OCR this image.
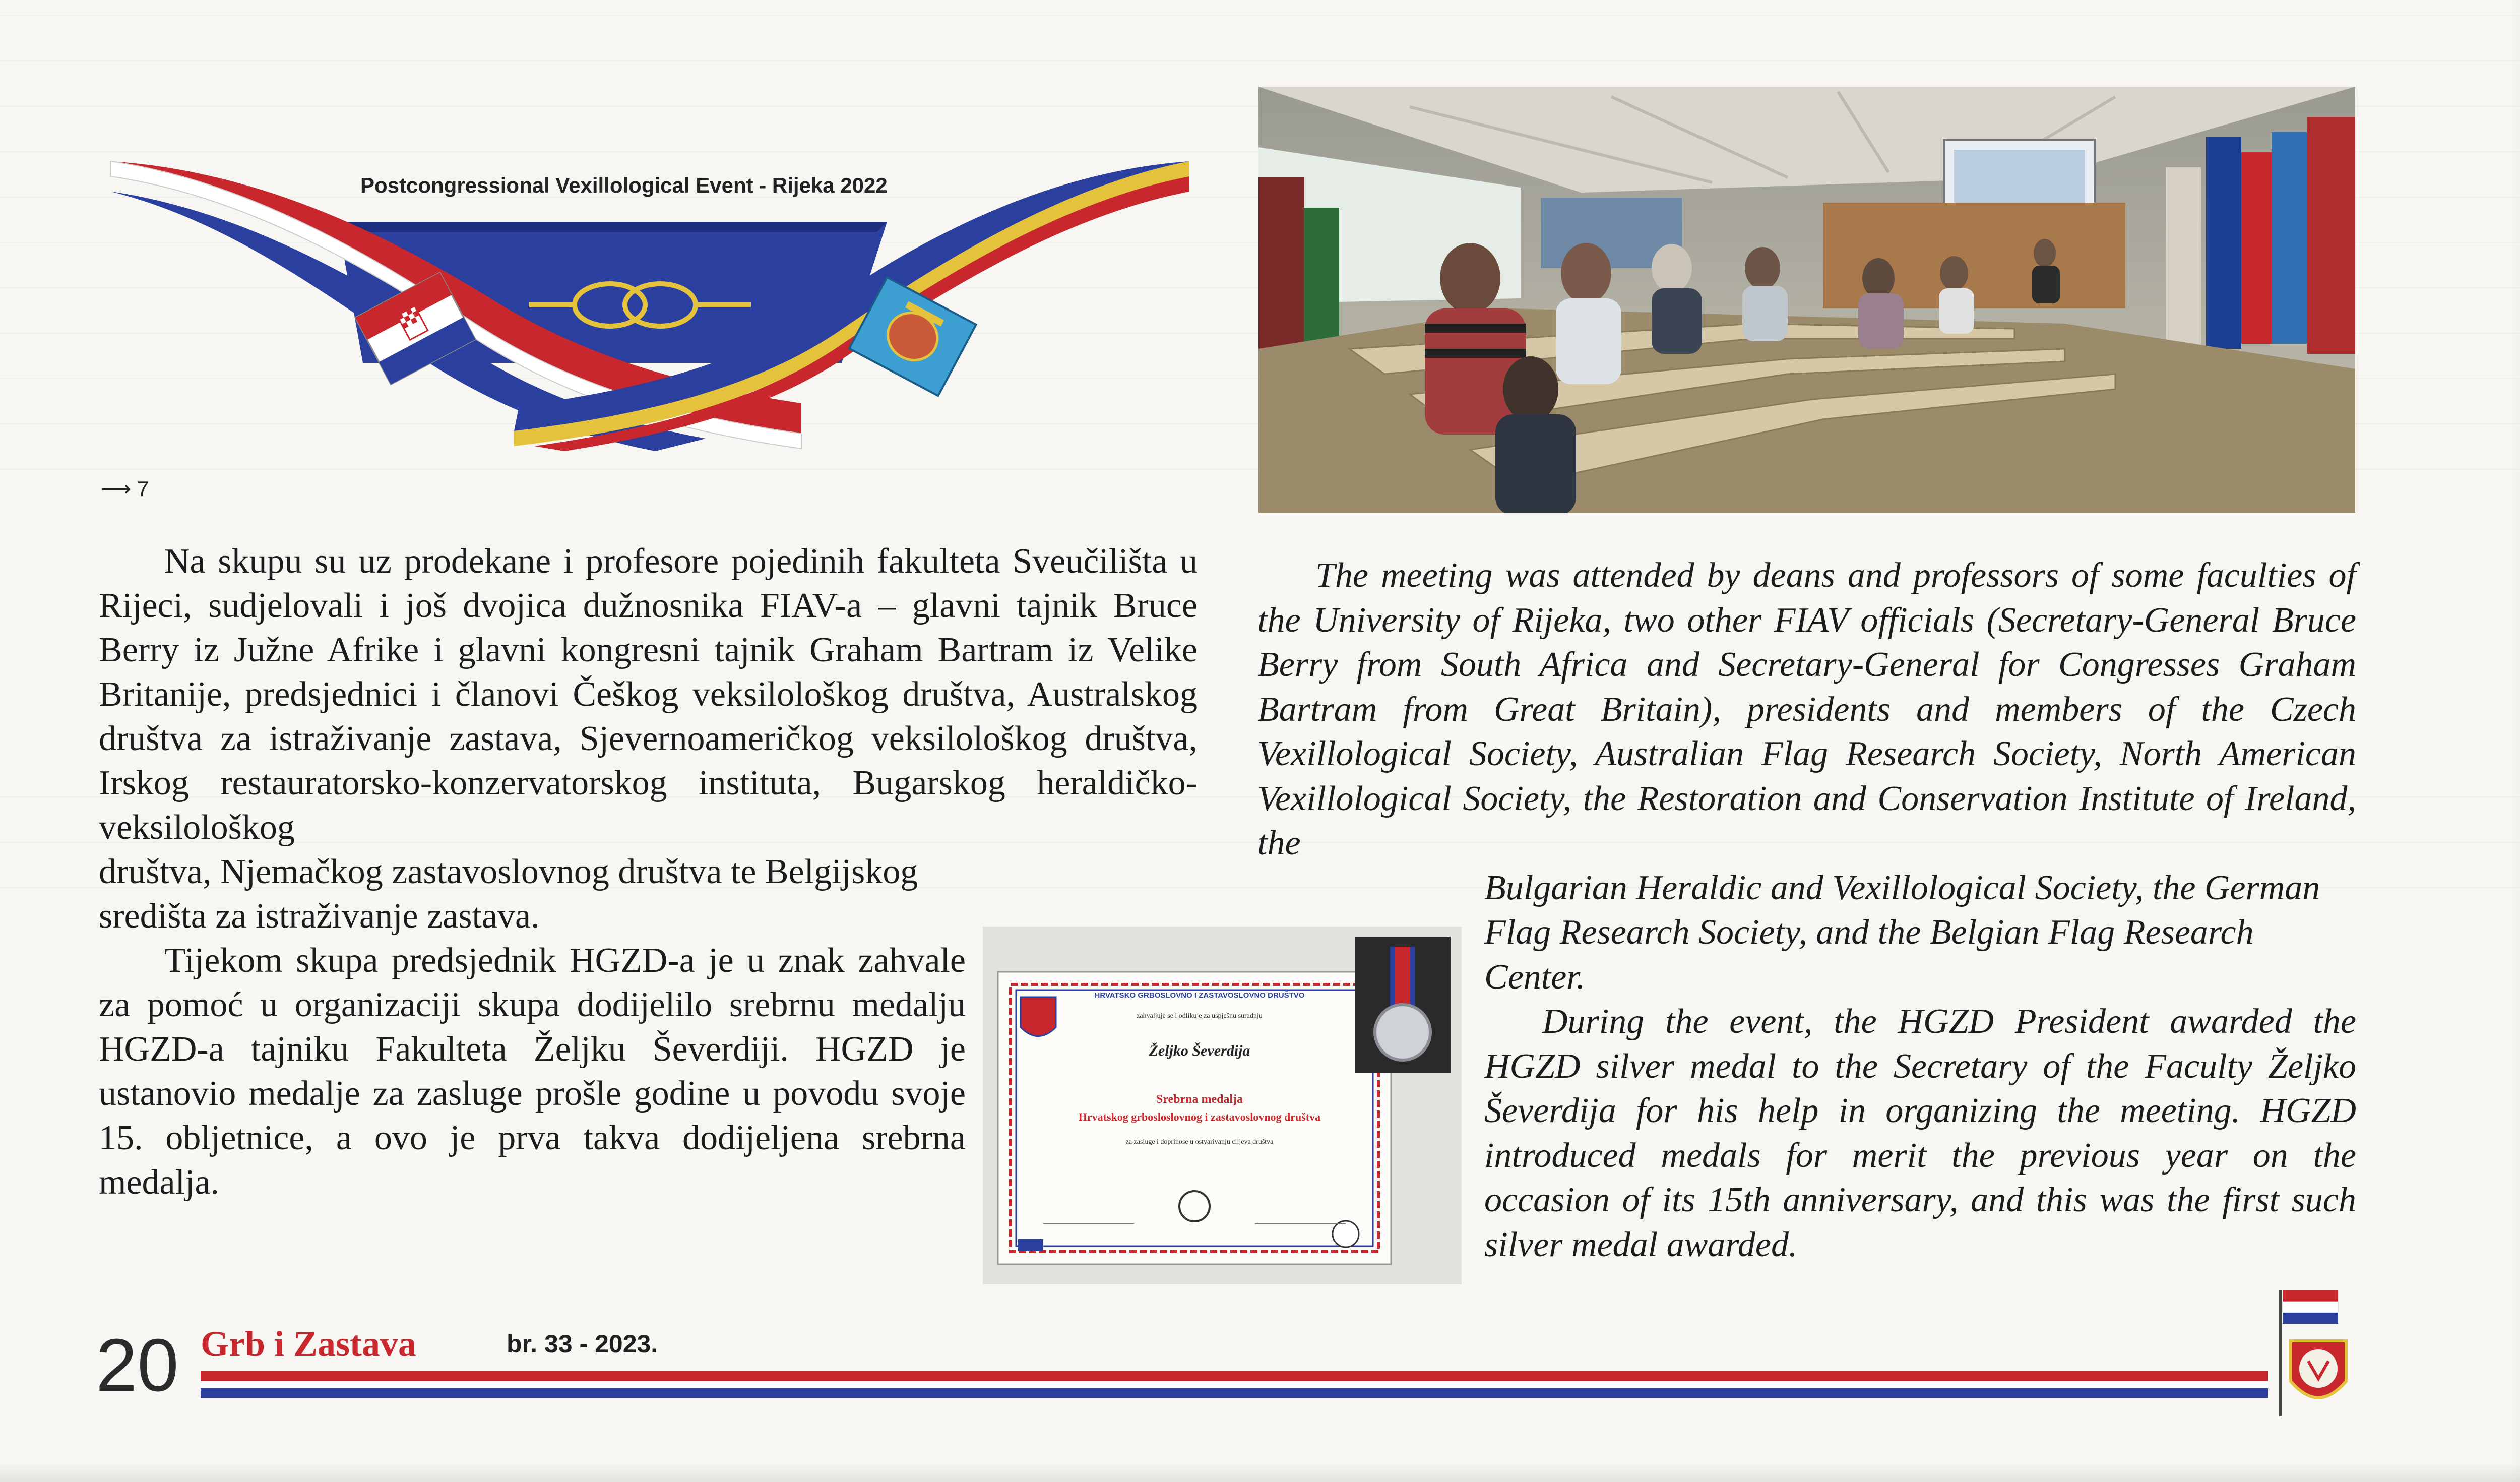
Postcongressional Vexillological Event - Rijeka 2022
⟶ 7

Na skupu su uz prodekane i profesore pojedinih fakulteta Sveučilišta u Rijeci, sudjelovali i još dvojica dužnosnika FIAV-a – glavni tajnik Bruce Berry iz Južne Afrike i glavni kongresni tajnik Graham Bartram iz Velike Britanije, predsjednici i članovi Češkog veksilološkog društva, Australskog društva za istraživanje zastava, Sjevernoameričkog veksilološkog društva, Irskog restauratorsko-konzervatorskog instituta, Bugarskog heraldičko-veksilološkog

društva, Njemačkog zastavoslovnog društva te Belgijskog središta za istraživanje zastava.

Tijekom skupa predsjednik HGZD-a je u znak zahvale za pomoć u organizaciji skupa dodijelilo srebrnu medalju HGZD-a tajniku Fakulteta Željku Ševerdiji. HGZD je ustanovio medalje za zasluge prošle godine u povodu svoje 15. obljetnice, a ovo je prva takva dodijeljena srebrna medalja.

The meeting was attended by deans and professors of some faculties of the University of Rijeka, two other FIAV officials (Secretary-General Bruce Berry from South Africa and Secretary-General for Congresses Graham Bartram from Great Britain), presidents and members of the Czech Vexillological Society, Australian Flag Research Society, North American Vexillological Society, the Restoration and Conservation Institute of Ireland, the

Bulgarian Heraldic and Vexillological Society, the German Flag Research Society, and the Belgian Flag Research Center.

During the event, the HGZD President awarded the HGZD silver medal to the Secretary of the Faculty Željko Ševerdija for his help in organizing the meeting. HGZD introduced medals for merit the previous year on the occasion of its 15th anniversary, and this was the first such silver medal awarded.

HRVATSKO GRBOSLOVNO I ZASTAVOSLOVNO DRUŠTVO
zahvaljuje se i odlikuje za uspješnu suradnju
Željko Ševerdija
Srebrna medalja
Hrvatskog grbosloslovnog i zastavoslovnog društva
za zasluge i doprinose u ostvarivanju ciljeva društva
20 Grb i Zastava	br. 33 - 2023.
